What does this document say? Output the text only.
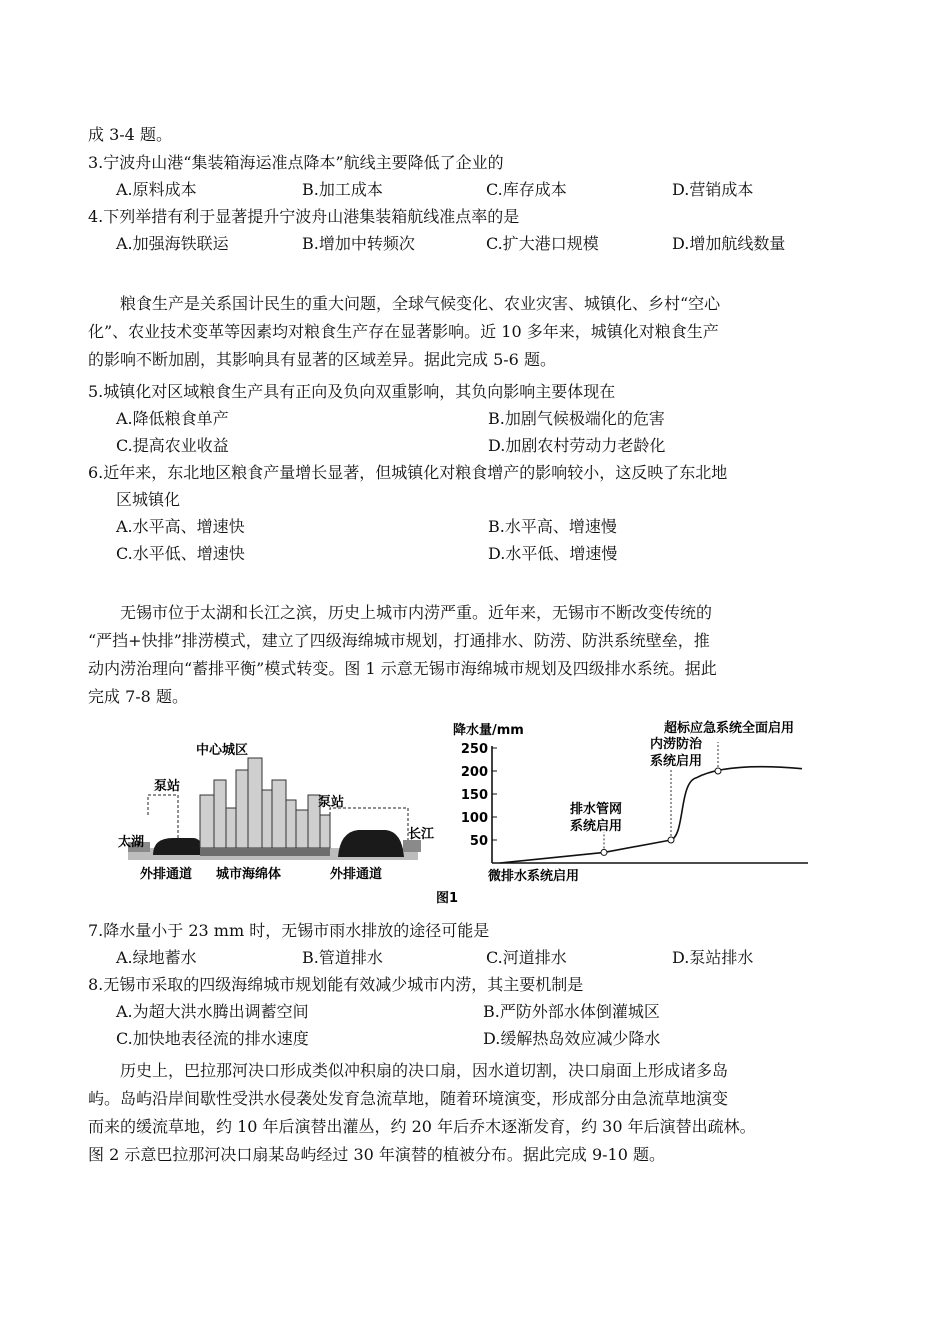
成 3-4 题。
3.宁波舟山港“集装箱海运准点降本”航线主要降低了企业的
A.原料成本	B.加工成本	C.库存成本	D.营销成本
4.下列举措有利于显著提升宁波舟山港集装箱航线准点率的是
A.加强海铁联运	B.增加中转频次	C.扩大港口规模	D.增加航线数量
粮食生产是关系国计民生的重大问题，全球气候变化、农业灾害、城镇化、乡村“空心
化”、农业技术变革等因素均对粮食生产存在显著影响。近 10 多年来，城镇化对粮食生产
的影响不断加剧，其影响具有显著的区域差异。据此完成 5-6 题。
5.城镇化对区域粮食生产具有正向及负向双重影响，其负向影响主要体现在
A.降低粮食单产	B.加剧气候极端化的危害
C.提高农业收益	D.加剧农村劳动力老龄化
6.近年来，东北地区粮食产量增长显著，但城镇化对粮食增产的影响较小，这反映了东北地
区城镇化
A.水平高、增速快	B.水平高、增速慢
C.水平低、增速快	D.水平低、增速慢
无锡市位于太湖和长江之滨，历史上城市内涝严重。近年来，无锡市不断改变传统的
“严挡+快排”排涝模式，建立了四级海绵城市规划，打通排水、防涝、防洪系统壁垒，推
动内涝治理向“蓄排平衡”模式转变。图 1 示意无锡市海绵城市规划及四级排水系统。据此
完成 7-8 题。
7.降水量小于 23 mm 时，无锡市雨水排放的途径可能是
A.绿地蓄水	B.管道排水	C.河道排水	D.泵站排水
8.无锡市采取的四级海绵城市规划能有效减少城市内涝，其主要机制是
A.为超大洪水腾出调蓄空间	B.严防外部水体倒灌城区
C.加快地表径流的排水速度	D.缓解热岛效应减少降水
历史上，巴拉那河决口形成类似冲积扇的决口扇，因水道切割，决口扇面上形成诸多岛
屿。岛屿沿岸间歇性受洪水侵袭处发育急流草地，随着环境演变，形成部分由急流草地演变
而来的缓流草地，约 10 年后演替出灌丛，约 20 年后乔木逐渐发育，约 30 年后演替出疏林。
图 2 示意巴拉那河决口扇某岛屿经过 30 年演替的植被分布。据此完成 9-10 题。
中心城区
泵站
泵站
太湖
长江
外排通道 城市海绵体	外排通道
降水量/mm
250
200
150
100
50
微排水系统启用
排水管网
系统启用
内涝防治
系统启用
超标应急系统全面启用
图1
